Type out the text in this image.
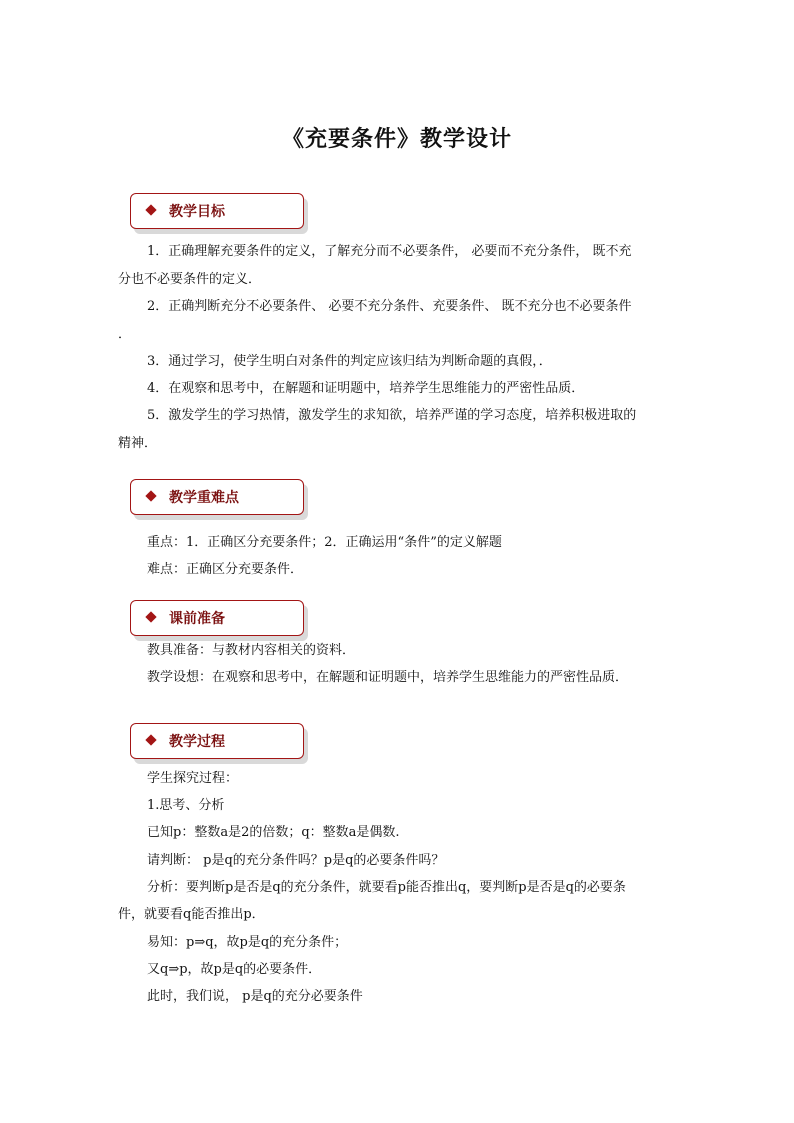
《充要条件》教学设计
教学目标
1．正确理解充要条件的定义，了解充分而不必要条件， 必要而不充分条件， 既不充
分也不必要条件的定义．
2．正确判断充分不必要条件、 必要不充分条件、充要条件、 既不充分也不必要条件
．
3．通过学习，使学生明白对条件的判定应该归结为判断命题的真假，．
4．在观察和思考中，在解题和证明题中，培养学生思维能力的严密性品质．
5．激发学生的学习热情，激发学生的求知欲，培养严谨的学习态度，培养积极进取的
精神．
教学重难点
重点：1．正确区分充要条件；2．正确运用“条件”的定义解题
难点：正确区分充要条件．
课前准备
教具准备：与教材内容相关的资料．
教学设想：在观察和思考中，在解题和证明题中，培养学生思维能力的严密性品质．
教学过程
学生探究过程：
1.思考、分析
已知p：整数a是2的倍数；q：整数a是偶数.
请判断： p是q的充分条件吗？p是q的必要条件吗？
分析：要判断p是否是q的充分条件，就要看p能否推出q，要判断p是否是q的必要条
件，就要看q能否推出p．
易知：p⇒q，故p是q的充分条件；
又q⇒p，故p是q的必要条件．
此时，我们说， p是q的充分必要条件
